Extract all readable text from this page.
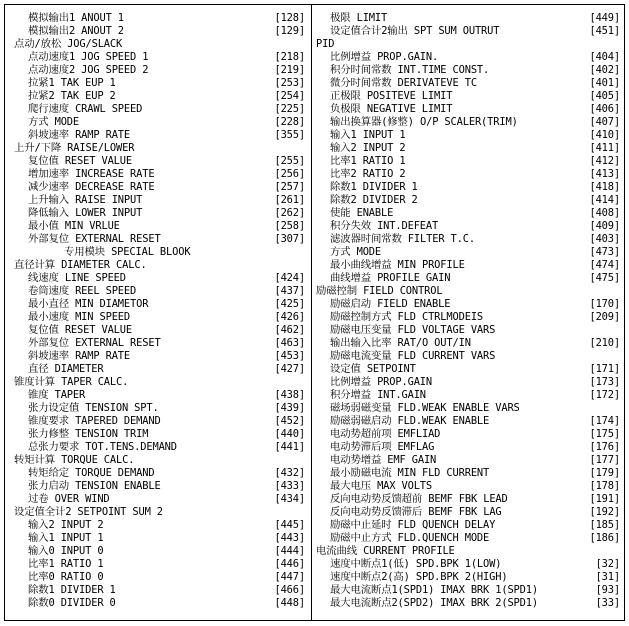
模拟输出1 ANOUT 1	[128]
模拟输出2 ANOUT 2	[129]
点动/放松 JOG/SLACK
点动速度1 JOG SPEED 1	[218]
点动速度2 JOG SPEED 2	[219]
拉紧1 TAK EUP 1	[253]
拉紧2 TAK EUP 2	[254]
爬行速度 CRAWL SPEED	[225]
方式 MODE	[228]
斜坡速率 RAMP RATE	[355]
上升/下降 RAISE/LOWER
复位值 RESET VALUE	[255]
增加速率 INCREASE RATE	[256]
减少速率 DECREASE RATE	[257]
上升输入 RAISE INPUT	[261]
降低输入 LOWER INPUT	[262]
最小值 MIN VRLUE	[258]
外部复位 EXTERNAL RESET	[307]
专用模块 SPECIAL BLOOK
直径计算 DIAMETER CALC.
线速度 LINE SPEED	[424]
卷筒速度 REEL SPEED	[437]
最小直径 MIN DIAMETOR	[425]
最小速度 MIN SPEED	[426]
复位值 RESET VALUE	[462]
外部复位 EXTERNAL RESET	[463]
斜坡速率 RAMP RATE	[453]
直径 DIAMETER	[427]
锥度计算 TAPER CALC.
锥度 TAPER	[438]
张力设定值 TENSION SPT.	[439]
锥度要求 TAPERED DEMAND	[452]
张力修整 TENSION TRIM	[440]
总张力要求 TOT.TENS.DEMAND	[441]
转矩计算 TORQUE CALC.
转矩给定 TORQUE DEMAND	[432]
张力启动 TENSION ENABLE	[433]
过卷 OVER WIND	[434]
设定值全计2 SETPOINT SUM 2
输入2 INPUT 2	[445]
输入1 INPUT 1	[443]
输入0 INPUT 0	[444]
比率1 RATIO 1	[446]
比率0 RATIO 0	[447]
除数1 DIVIDER 1	[466]
除数0 DIVIDER 0	[448]
极限 LIMIT	[449]
设定值合计2输出 SPT SUM OUTRUT	[451]
PID
比例增益 PROP.GAIN.	[404]
积分时间常数 INT.TIME CONST.	[402]
微分时间常数 DERIVATEVE TC	[401]
正极限 POSITEVE LIMIT	[405]
负极限 NEGATIVE LIMIT	[406]
输出换算器(修整) O/P SCALER(TRIM)	[407]
输入1 INPUT 1	[410]
输入2 INPUT 2	[411]
比率1 RATIO 1	[412]
比率2 RATIO 2	[413]
除数1 DIVIDER 1	[418]
除数2 DIVIDER 2	[414]
使能 ENABLE	[408]
积分失效 INT.DEFEAT	[409]
滤波器时间常数 FILTER T.C.	[403]
方式 MODE	[473]
最小曲线增益 MIN PROFILE	[474]
曲线增益 PROFILE GAIN	[475]
励磁控制 FIELD CONTROL
励磁启动 FIELD ENABLE	[170]
励磁控制方式 FLD CTRLMODEIS	[209]
励磁电压变量 FLD VOLTAGE VARS
输出输入比率 RAT/O OUT/IN	[210]
励磁电流变量 FLD CURRENT VARS
设定值 SETPOINT	[171]
比例增益 PROP.GAIN	[173]
积分增益 INT.GAIN	[172]
磁场弱磁变量 FLD.WEAK ENABLE VARS
励磁弱磁启动 FLD.WEAK ENABLE	[174]
电动势超前项 EMFLIAD	[175]
电动势滞后项 EMFLAG	[176]
电动势增益 EMF GAIN	[177]
最小励磁电流 MIN FLD CURRENT	[179]
最大电压 MAX VOLTS	[178]
反向电动势反馈超前 BEMF FBK LEAD	[191]
反向电动势反馈滞后 BEMF FBK LAG	[192]
励磁中止延时 FLD QUENCH DELAY	[185]
励磁中止方式 FLD.QUENCH MODE	[186]
电流曲线 CURRENT PROFILE
速度中断点1(低) SPD.BPK 1(LOW)	[32]
速度中断点2(高) SPD.BPK 2(HIGH)	[31]
最大电流断点1(SPD1) IMAX BRK 1(SPD1)	[93]
最大电流断点2(SPD2) IMAX BRK 2(SPD1)	[33]
